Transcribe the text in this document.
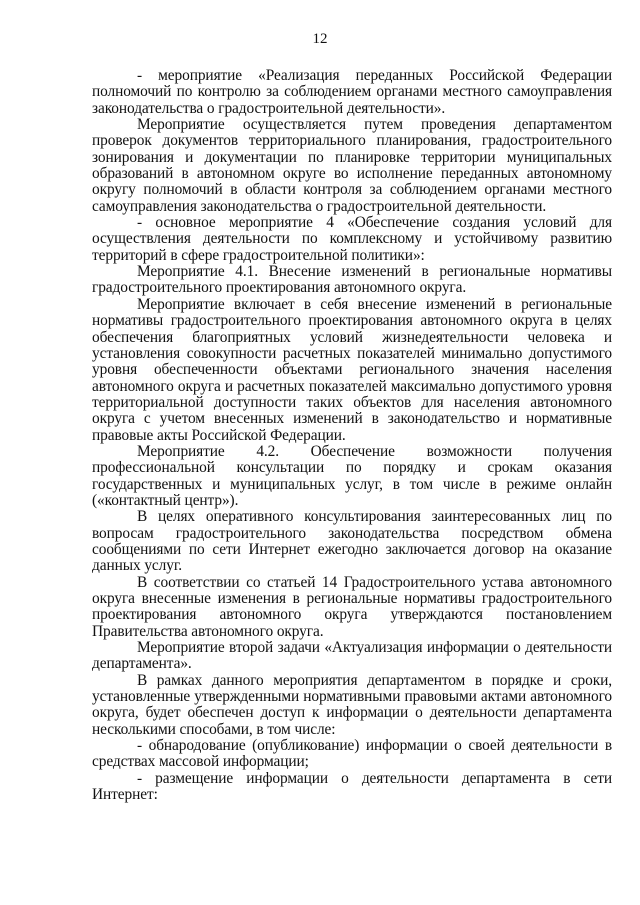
12

- мероприятие «Реализация переданных Российской Федерации полномочий по контролю за соблюдением органами местного самоуправления законодательства о градостроительной деятельности».

Мероприятие осуществляется путем проведения департаментом проверок документов территориального планирования, градостроительного зонирования и документации по планировке территории муниципальных образований в автономном округе во исполнение переданных автономному округу полномочий в области контроля за соблюдением органами местного самоуправления законодательства о градостроительной деятельности.

- основное мероприятие 4 «Обеспечение создания условий для осуществления деятельности по комплексному и устойчивому развитию территорий в сфере градостроительной политики»:

Мероприятие 4.1. Внесение изменений в региональные нормативы градостроительного проектирования автономного округа.

Мероприятие включает в себя внесение изменений в региональные нормативы градостроительного проектирования автономного округа в целях обеспечения благоприятных условий жизнедеятельности человека и установления совокупности расчетных показателей минимально допустимого уровня обеспеченности объектами регионального значения населения автономного округа и расчетных показателей максимально допустимого уровня территориальной доступности таких объектов для населения автономного округа с учетом внесенных изменений в законодательство и нормативные правовые акты Российской Федерации.

Мероприятие 4.2. Обеспечение возможности получения профессиональной консультации по порядку и срокам оказания государственных и муниципальных услуг, в том числе в режиме онлайн («контактный центр»).

В целях оперативного консультирования заинтересованных лиц по вопросам градостроительного законодательства посредством обмена сообщениями по сети Интернет ежегодно заключается договор на оказание данных услуг.

В соответствии со статьей 14 Градостроительного устава автономного округа внесенные изменения в региональные нормативы градостроительного проектирования автономного округа утверждаются постановлением Правительства автономного округа.

Мероприятие второй задачи «Актуализация информации о деятельности департамента».

В рамках данного мероприятия департаментом в порядке и сроки, установленные утвержденными нормативными правовыми актами автономного округа, будет обеспечен доступ к информации о деятельности департамента несколькими способами, в том числе:

- обнародование (опубликование) информации о своей деятельности в средствах массовой информации;

- размещение информации о деятельности департамента в сети Интернет:
